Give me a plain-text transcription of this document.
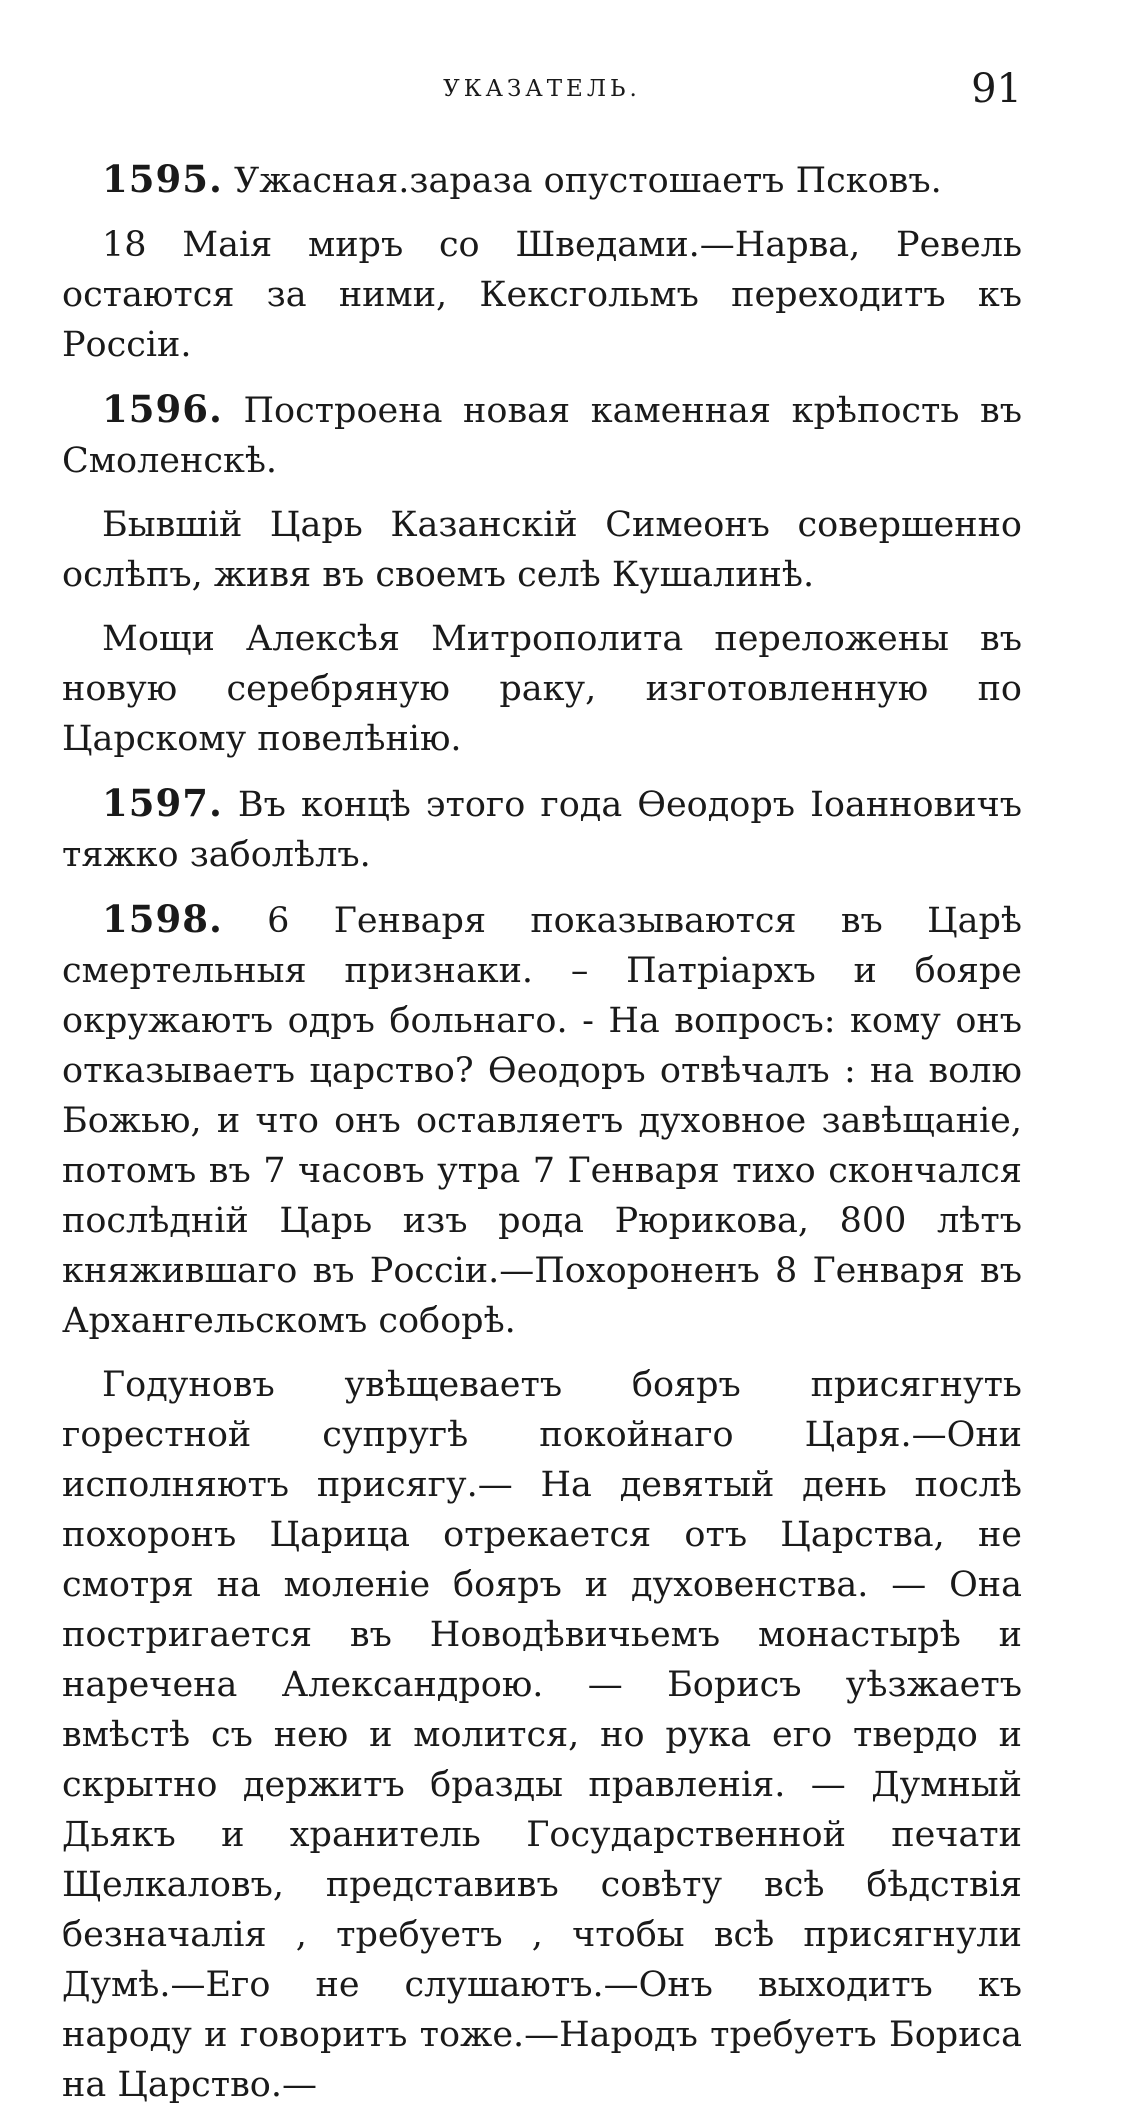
УКАЗАТЕЛЬ.	91

1595. Ужасная.зараза опустошаетъ Псковъ.

18 Маія миръ со Шведами.—Нарва, Ревель остаются за ними, Кексгольмъ переходитъ къ Россіи.

1596. Построена новая каменная крѣпость въ Смоленскѣ.

Бывшій Царь Казанскій Симеонъ совершенно ослѣпъ, живя въ своемъ селѣ Кушалинѣ.

Мощи Алексѣя Митрополита переложены въ новую серебряную раку, изготовленную по Царскому повелѣнію.

1597. Въ концѣ этого года Өеодоръ Іоанновичъ тяжко заболѣлъ.

1598. 6 Генваря показываются въ Царѣ смертельныя признаки. – Патріархъ и бояре окружаютъ одръ больнаго. - На вопросъ: кому онъ отказываетъ царство? Өеодоръ отвѣчалъ : на волю Божью, и что онъ оставляетъ духовное завѣщаніе, потомъ въ 7 часовъ утра 7 Генваря тихо скончался послѣдній Царь изъ рода Рюрикова, 800 лѣтъ княжившаго въ Россіи.—Похороненъ 8 Генваря въ Архангельскомъ соборѣ.

Годуновъ увѣщеваетъ бояръ присягнуть горестной супругѣ покойнаго Царя.—Они исполняютъ присягу.— На девятый день послѣ похоронъ Царица отрекается отъ Царства, не смотря на моленіе бояръ и духовенства. — Она постригается въ Новодѣвичьемъ монастырѣ и наречена Александрою. — Борисъ уѣзжаетъ вмѣстѣ съ нею и молится, но рука его твердо и скрытно держитъ бразды правленія. — Думный Дьякъ и хранитель Государственной печати Щелкаловъ, представивъ совѣту всѣ бѣдствія безначалія , требуетъ , чтобы всѣ присягнули Думѣ.—Его не слушаютъ.—Онъ выходитъ къ народу и говоритъ тоже.—Народъ требуетъ Бориса на Царство.—
